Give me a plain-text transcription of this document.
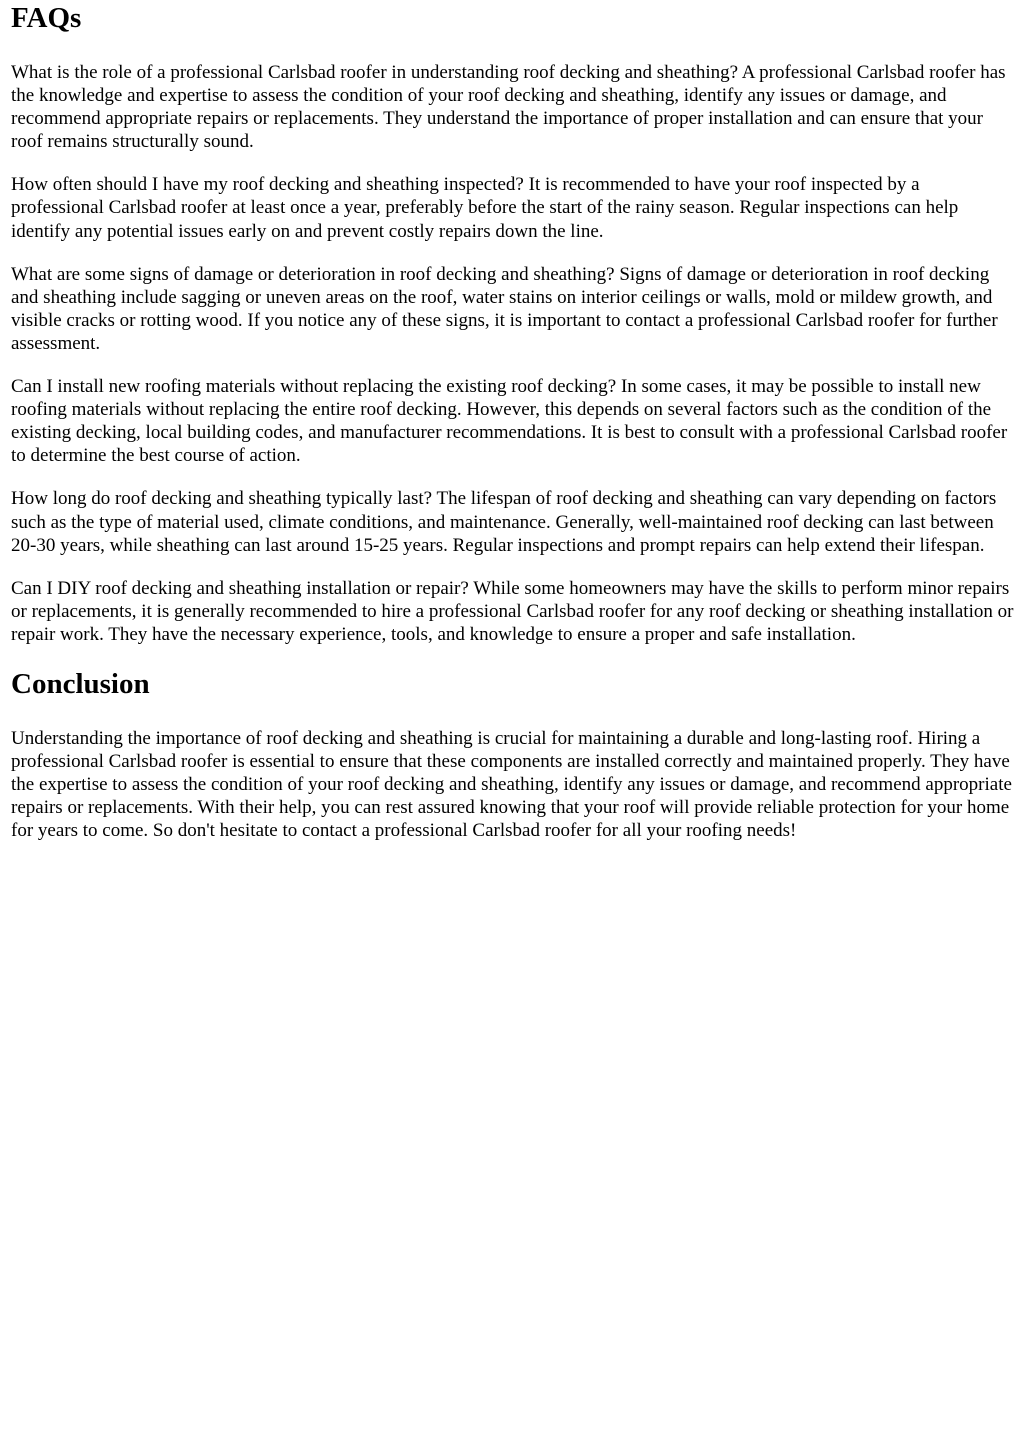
FAQs

What is the role of a professional Carlsbad roofer in understanding roof decking and sheathing? A professional Carlsbad roofer has the knowledge and expertise to assess the condition of your roof decking and sheathing, identify any issues or damage, and recommend appropriate repairs or replacements. They understand the importance of proper installation and can ensure that your roof remains structurally sound.

How often should I have my roof decking and sheathing inspected? It is recommended to have your roof inspected by a professional Carlsbad roofer at least once a year, preferably before the start of the rainy season. Regular inspections can help identify any potential issues early on and prevent costly repairs down the line.

What are some signs of damage or deterioration in roof decking and sheathing? Signs of damage or deterioration in roof decking and sheathing include sagging or uneven areas on the roof, water stains on interior ceilings or walls, mold or mildew growth, and visible cracks or rotting wood. If you notice any of these signs, it is important to contact a professional Carlsbad roofer for further assessment.

Can I install new roofing materials without replacing the existing roof decking? In some cases, it may be possible to install new roofing materials without replacing the entire roof decking. However, this depends on several factors such as the condition of the existing decking, local building codes, and manufacturer recommendations. It is best to consult with a professional Carlsbad roofer to determine the best course of action.

How long do roof decking and sheathing typically last? The lifespan of roof decking and sheathing can vary depending on factors such as the type of material used, climate conditions, and maintenance. Generally, well-maintained roof decking can last between 20-30 years, while sheathing can last around 15-25 years. Regular inspections and prompt repairs can help extend their lifespan.

Can I DIY roof decking and sheathing installation or repair? While some homeowners may have the skills to perform minor repairs or replacements, it is generally recommended to hire a professional Carlsbad roofer for any roof decking or sheathing installation or repair work. They have the necessary experience, tools, and knowledge to ensure a proper and safe installation.

Conclusion

Understanding the importance of roof decking and sheathing is crucial for maintaining a durable and long-lasting roof. Hiring a professional Carlsbad roofer is essential to ensure that these components are installed correctly and maintained properly. They have the expertise to assess the condition of your roof decking and sheathing, identify any issues or damage, and recommend appropriate repairs or replacements. With their help, you can rest assured knowing that your roof will provide reliable protection for your home for years to come. So don't hesitate to contact a professional Carlsbad roofer for all your roofing needs!
